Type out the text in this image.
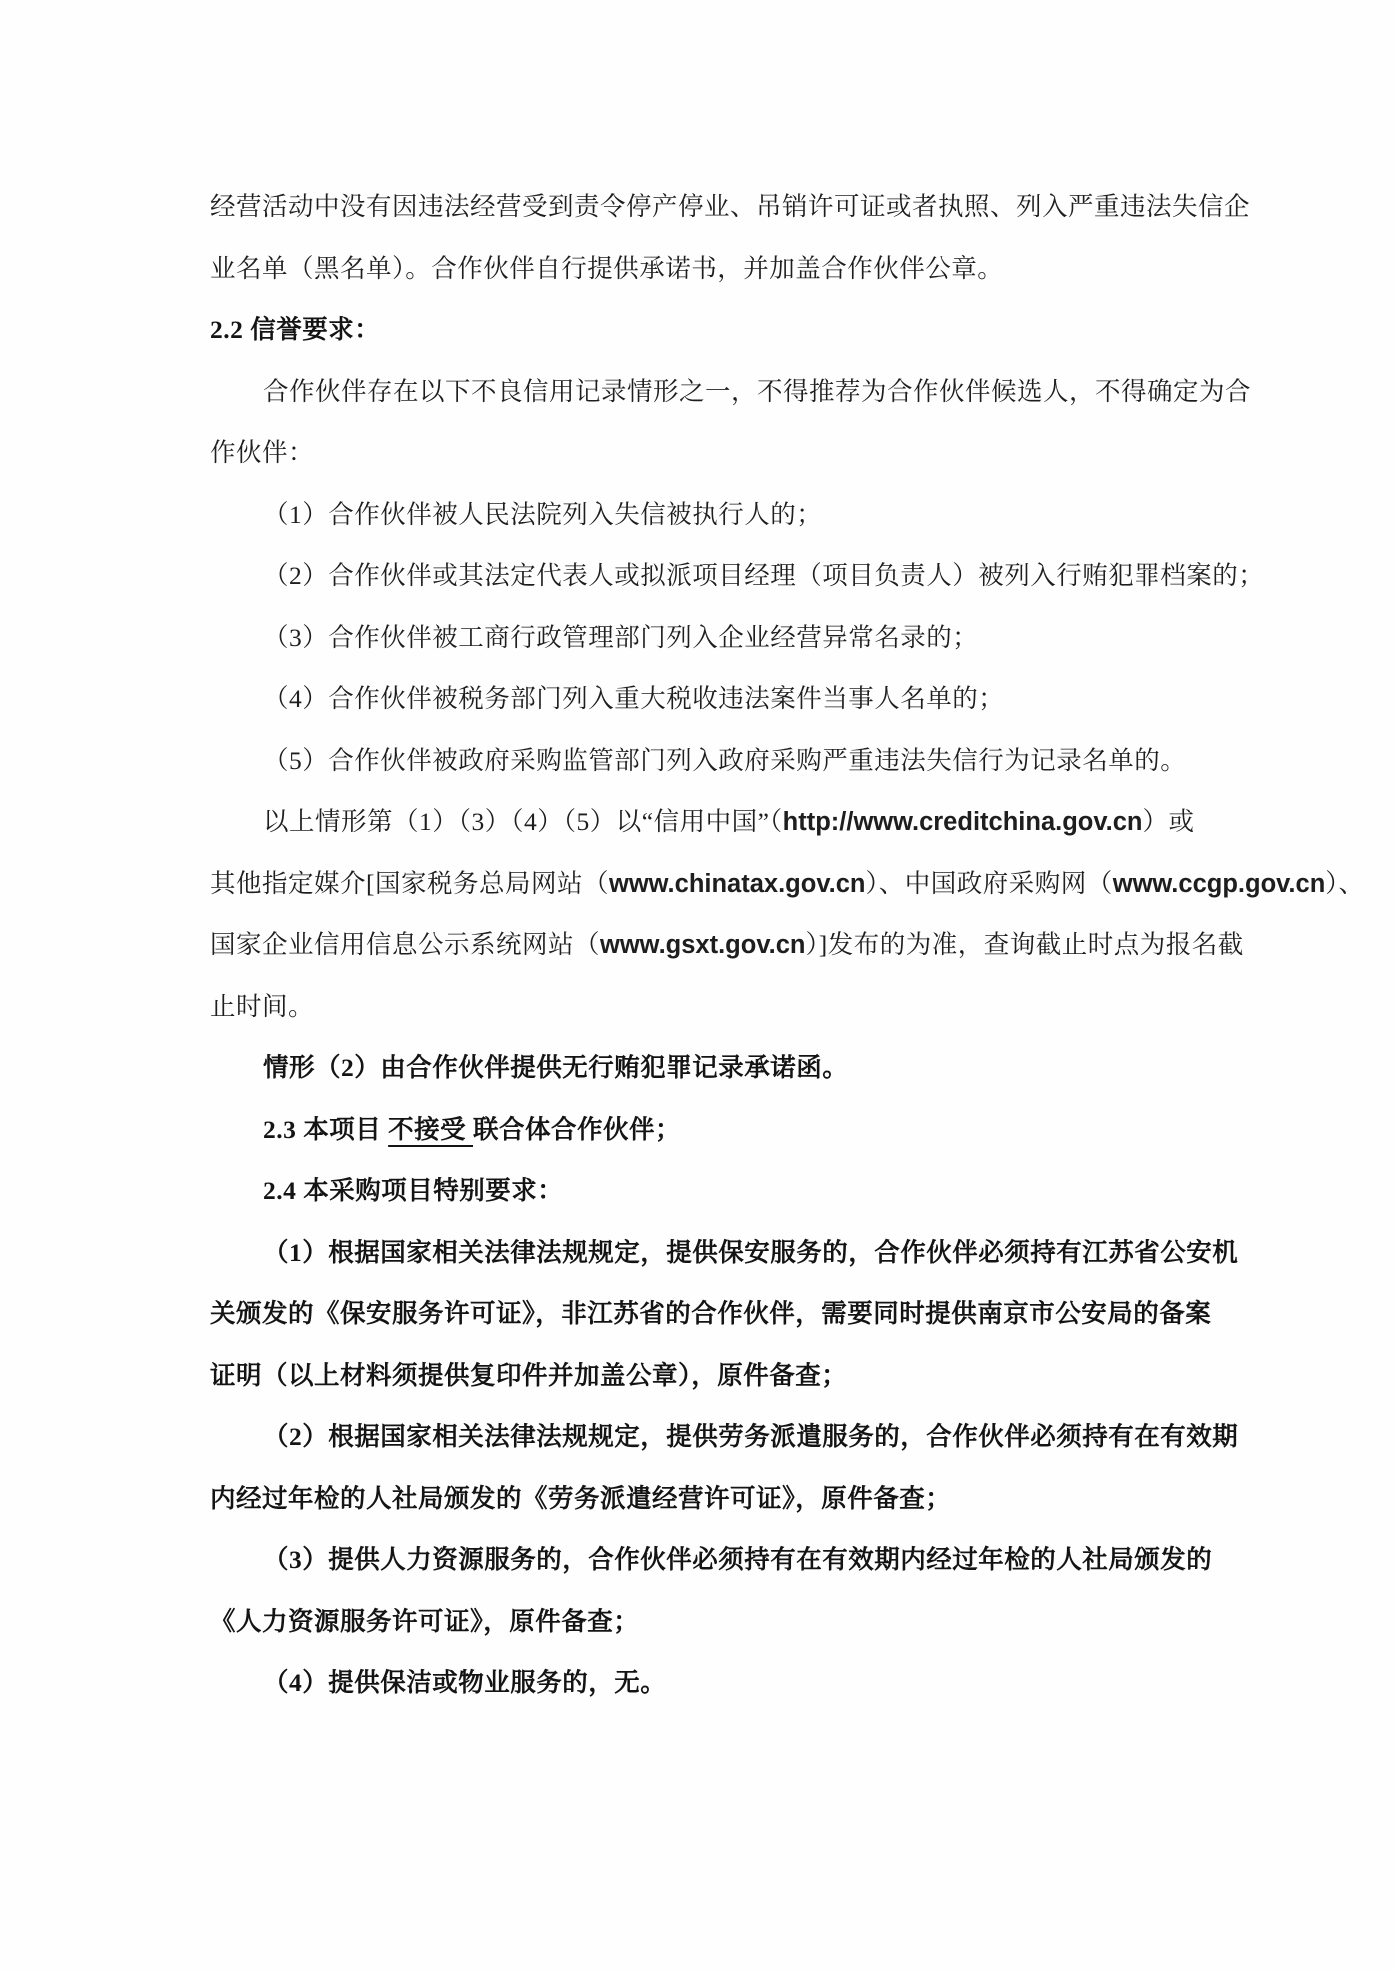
经营活动中没有因违法经营受到责令停产停业、吊销许可证或者执照、列入严重违法失信企
业名单（黑名单）。合作伙伴自行提供承诺书，并加盖合作伙伴公章。
2.2 信誉要求：
合作伙伴存在以下不良信用记录情形之一，不得推荐为合作伙伴候选人，不得确定为合
作伙伴：
（1）合作伙伴被人民法院列入失信被执行人的；
（2）合作伙伴或其法定代表人或拟派项目经理（项目负责人）被列入行贿犯罪档案的；
（3）合作伙伴被工商行政管理部门列入企业经营异常名录的；
（4）合作伙伴被税务部门列入重大税收违法案件当事人名单的；
（5）合作伙伴被政府采购监管部门列入政府采购严重违法失信行为记录名单的。
以上情形第（1）（3）（4）（5）以“信用中国”（http://www.creditchina.gov.cn）或
其他指定媒介[国家税务总局网站（www.chinatax.gov.cn）、中国政府采购网（www.ccgp.gov.cn）、
国家企业信用信息公示系统网站（www.gsxt.gov.cn）]发布的为准，查询截止时点为报名截
止时间。
情形（2）由合作伙伴提供无行贿犯罪记录承诺函。
2.3 本项目 不接受 联合体合作伙伴；
2.4 本采购项目特别要求：
（1）根据国家相关法律法规规定，提供保安服务的，合作伙伴必须持有江苏省公安机
关颁发的《保安服务许可证》，非江苏省的合作伙伴，需要同时提供南京市公安局的备案
证明（以上材料须提供复印件并加盖公章），原件备查；
（2）根据国家相关法律法规规定，提供劳务派遣服务的，合作伙伴必须持有在有效期
内经过年检的人社局颁发的《劳务派遣经营许可证》，原件备查；
（3）提供人力资源服务的，合作伙伴必须持有在有效期内经过年检的人社局颁发的
《人力资源服务许可证》，原件备查；
（4）提供保洁或物业服务的，无。
